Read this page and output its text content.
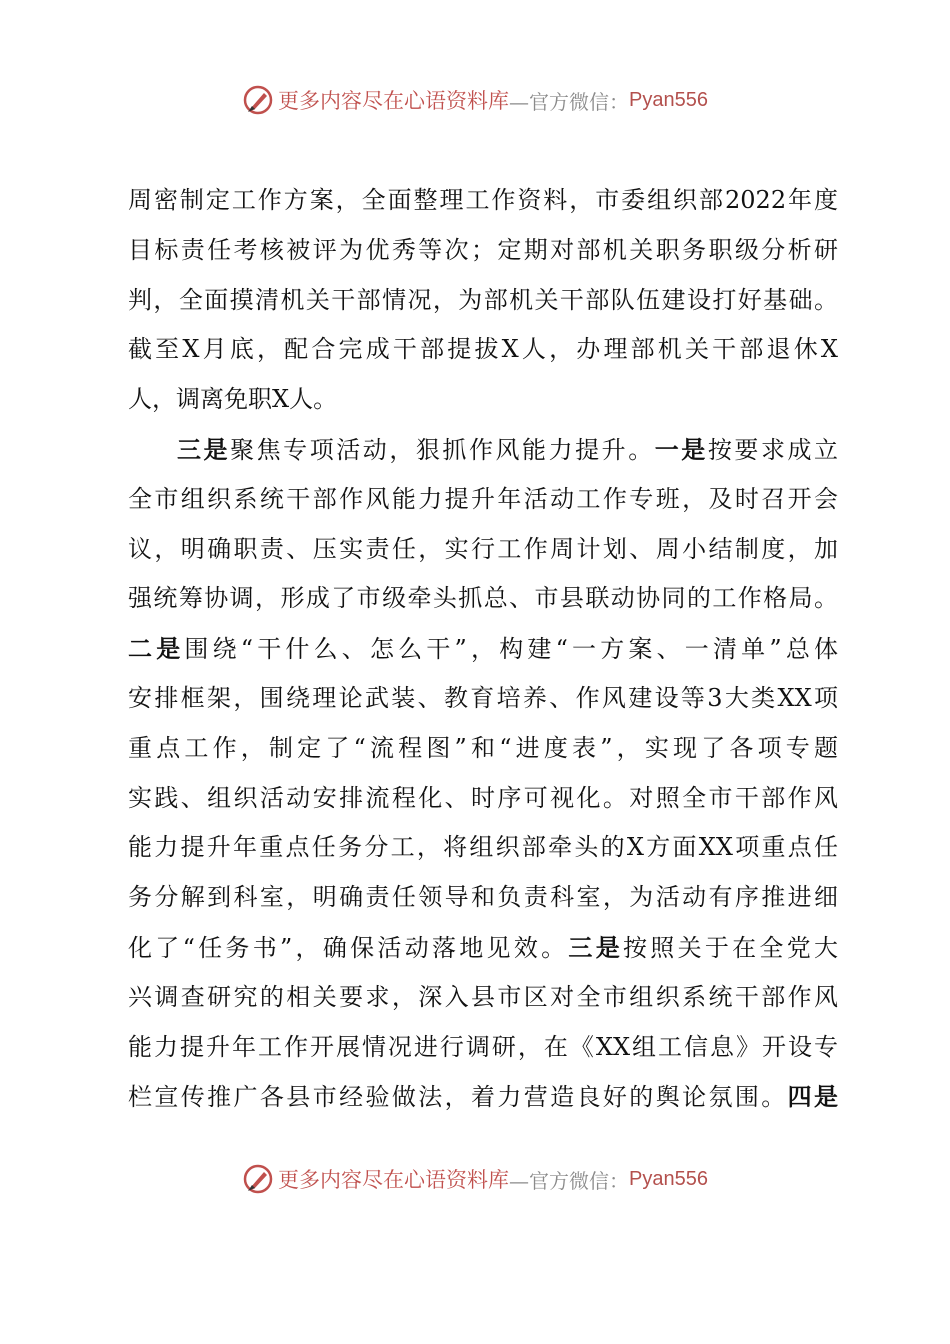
更多内容尽在心语资料库 —官方微信： Pyan556
周密制定工作方案，全面整理工作资料，市委组织部2022年度
目标责任考核被评为优秀等次；定期对部机关职务职级分析研
判，全面摸清机关干部情况，为部机关干部队伍建设打好基础。
截至X月底，配合完成干部提拔X人，办理部机关干部退休X
人，调离免职X人。
三是聚焦专项活动，狠抓作风能力提升。一是按要求成立
全市组织系统干部作风能力提升年活动工作专班，及时召开会
议，明确职责、压实责任，实行工作周计划、周小结制度，加
强统筹协调，形成了市级牵头抓总、市县联动协同的工作格局。
二是围绕“干什么、怎么干”，构建“一方案、一清单”总体
安排框架，围绕理论武装、教育培养、作风建设等3大类XX项
重点工作，制定了“流程图”和“进度表”，实现了各项专题
实践、组织活动安排流程化、时序可视化。对照全市干部作风
能力提升年重点任务分工，将组织部牵头的X方面XX项重点任
务分解到科室，明确责任领导和负责科室，为活动有序推进细
化了“任务书”，确保活动落地见效。三是按照关于在全党大
兴调查研究的相关要求，深入县市区对全市组织系统干部作风
能力提升年工作开展情况进行调研，在《XX组工信息》开设专
栏宣传推广各县市经验做法，着力营造良好的舆论氛围。四是
更多内容尽在心语资料库 —官方微信： Pyan556
